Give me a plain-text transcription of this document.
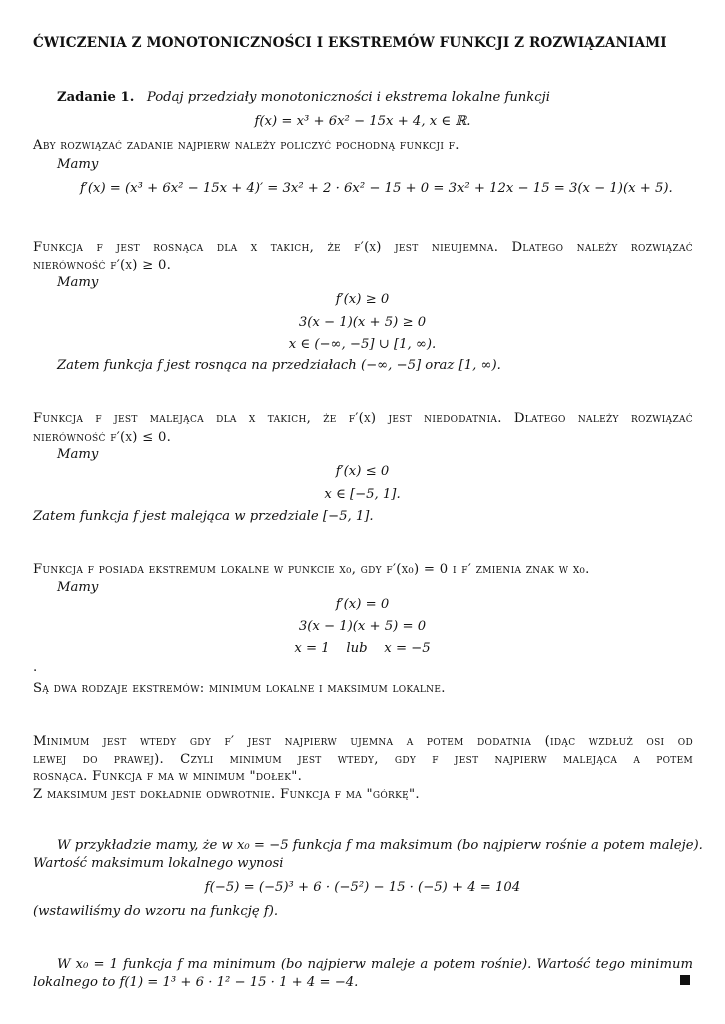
ĆWICZENIA Z MONOTONICZNOŚCI I EKSTREMÓW FUNKCJI Z ROZWIĄZANIAMI
Zadanie 1. Podaj przedziały monotoniczności i ekstrema lokalne funkcji
f(x) = x³ + 6x² − 15x + 4, x ∈ ℝ.
Aby rozwiązać zadanie najpierw należy policzyć pochodną funkcji f.
Mamy
f′(x) = (x³ + 6x² − 15x + 4)′ = 3x² + 2 · 6x² − 15 + 0 = 3x² + 12x − 15 = 3(x − 1)(x + 5).
Funkcja f jest rosnąca dla x takich, że f′(x) jest nieujemna. Dlatego należy rozwiązać
nierówność f′(x) ≥ 0.
Mamy
f′(x) ≥ 0
3(x − 1)(x + 5) ≥ 0
x ∈ (−∞, −5] ∪ [1, ∞).
Zatem funkcja f jest rosnąca na przedziałach (−∞, −5] oraz [1, ∞).
Funkcja f jest malejąca dla x takich, że f′(x) jest niedodatnia. Dlatego należy rozwiązać
nierówność f′(x) ≤ 0.
Mamy
f′(x) ≤ 0
x ∈ [−5, 1].
Zatem funkcja f jest malejąca w przedziale [−5, 1].
Funkcja f posiada ekstremum lokalne w punkcie x₀, gdy f′(x₀) = 0 i f′ zmienia znak w x₀.
Mamy
f′(x) = 0
3(x − 1)(x + 5) = 0
x = 1    lub    x = −5
.
Są dwa rodzaje ekstremów: minimum lokalne i maksimum lokalne.
Minimum jest wtedy gdy f′ jest najpierw ujemna a potem dodatnia (idąc wzdłuż osi od
lewej do prawej). Czyli minimum jest wtedy, gdy f jest najpierw malejąca a potem
rosnąca. Funkcja f ma w minimum "dołek".
Z maksimum jest dokładnie odwrotnie. Funkcja f ma "górkę".
W przykładzie mamy, że w x₀ = −5 funkcja f ma maksimum (bo najpierw rośnie a potem maleje).
Wartość maksimum lokalnego wynosi
f(−5) = (−5)³ + 6 · (−5²) − 15 · (−5) + 4 = 104
(wstawiliśmy do wzoru na funkcję f).
W x₀ = 1 funkcja f ma minimum (bo najpierw maleje a potem rośnie). Wartość tego minimum
lokalnego to f(1) = 1³ + 6 · 1² − 15 · 1 + 4 = −4.
